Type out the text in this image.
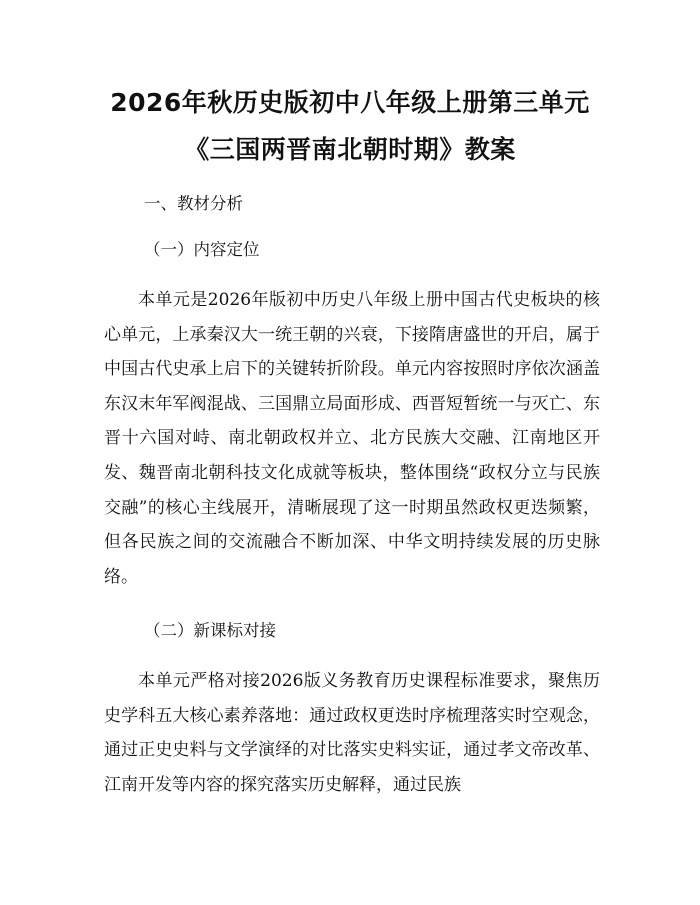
2026年秋历史版初中八年级上册第三单元
《三国两晋南北朝时期》教案
一、教材分析
（一）内容定位

本单元是2026年版初中历史八年级上册中国古代史板块的核心单元，上承秦汉大一统王朝的兴衰，下接隋唐盛世的开启，属于中国古代史承上启下的关键转折阶段。单元内容按照时序依次涵盖东汉末年军阀混战、三国鼎立局面形成、西晋短暂统一与灭亡、东晋十六国对峙、南北朝政权并立、北方民族大交融、江南地区开发、魏晋南北朝科技文化成就等板块，整体围绕“政权分立与民族交融”的核心主线展开，清晰展现了这一时期虽然政权更迭频繁，但各民族之间的交流融合不断加深、中华文明持续发展的历史脉络。

（二）新课标对接

本单元严格对接2026版义务教育历史课程标准要求，聚焦历史学科五大核心素养落地：通过政权更迭时序梳理落实时空观念，通过正史史料与文学演绎的对比落实史料实证，通过孝文帝改革、江南开发等内容的探究落实历史解释，通过民族
